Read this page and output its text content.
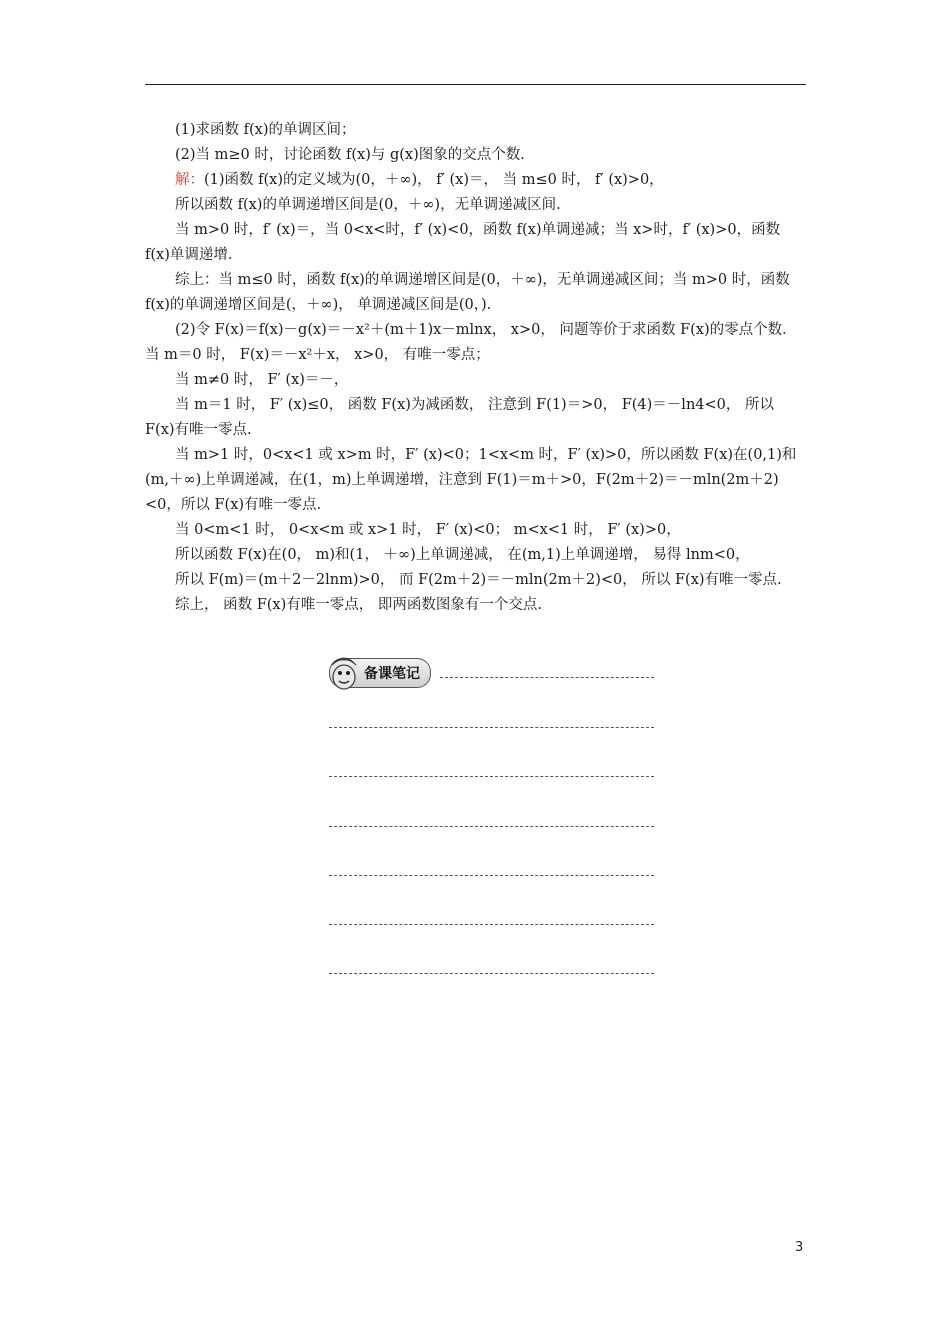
(1)求函数 f(x)的单调区间；

(2)当 m≥0 时，讨论函数 f(x)与 g(x)图象的交点个数.

解：(1)函数 f(x)的定义域为(0，＋∞)， f′ (x)＝， 当 m≤0 时， f′ (x)>0，

所以函数 f(x)的单调递增区间是(0，＋∞)，无单调递减区间.

当 m>0 时，f′ (x)＝，当 0<x<时，f′ (x)<0，函数 f(x)单调递减；当 x>时，f′ (x)>0，函数 f(x)单调递增.

综上：当 m≤0 时，函数 f(x)的单调递增区间是(0，＋∞)，无单调递减区间；当 m>0 时，函数 f(x)的单调递增区间是(，＋∞)， 单调递减区间是(0，).

(2)令 F(x)＝f(x)－g(x)＝－x²＋(m＋1)x－mlnx， x>0， 问题等价于求函数 F(x)的零点个数．当 m＝0 时， F(x)＝－x²＋x， x>0， 有唯一零点；

当 m≠0 时， F′ (x)＝－，

当 m＝1 时， F′ (x)≤0， 函数 F(x)为减函数， 注意到 F(1)＝>0， F(4)＝－ln4<0， 所以 F(x)有唯一零点.

当 m>1 时，0<x<1 或 x>m 时，F′ (x)<0；1<x<m 时，F′ (x)>0，所以函数 F(x)在(0,1)和(m,＋∞)上单调递减，在(1，m)上单调递增，注意到 F(1)＝m＋>0，F(2m＋2)＝－mln(2m＋2)<0，所以 F(x)有唯一零点.

当 0<m<1 时， 0<x<m 或 x>1 时， F′ (x)<0； m<x<1 时， F′ (x)>0，

所以函数 F(x)在(0， m)和(1， ＋∞)上单调递减， 在(m,1)上单调递增， 易得 lnm<0，

所以 F(m)＝(m＋2－2lnm)>0， 而 F(2m＋2)＝－mln(2m＋2)<0， 所以 F(x)有唯一零点.

综上， 函数 F(x)有唯一零点， 即两函数图象有一个交点.

备课笔记
3
